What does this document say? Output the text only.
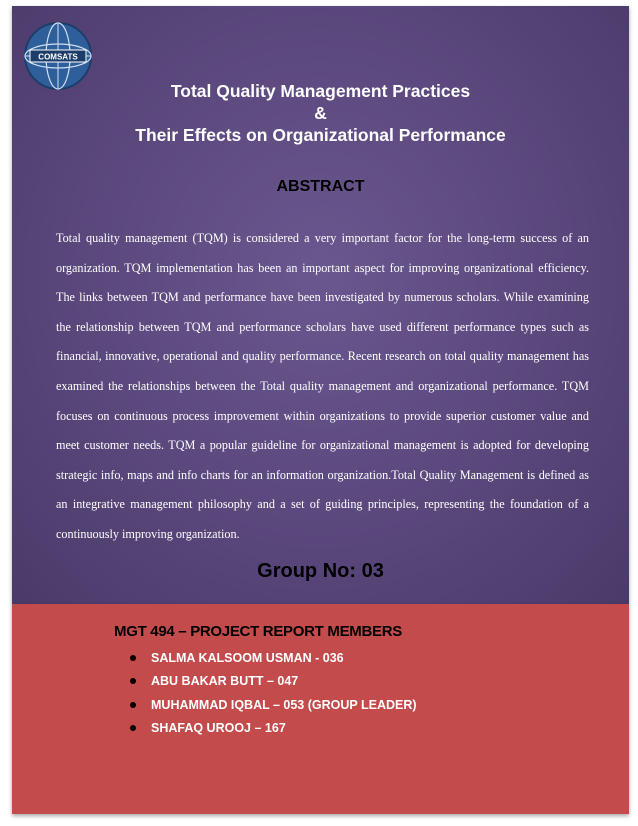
COMSATS
Total Quality Management Practices
&
Their Effects on Organizational Performance
ABSTRACT
Total quality management (TQM) is considered a very important factor for the long-term success of an organization. TQM implementation has been an important aspect for improving organizational efficiency. The links between TQM and performance have been investigated by numerous scholars. While examining the relationship between TQM and performance scholars have used different performance types such as financial, innovative, operational and quality performance. Recent research on total quality management has examined the relationships between the Total quality management and organizational performance. TQM focuses on continuous process improvement within organizations to provide superior customer value and meet customer needs. TQM a popular guideline for organizational management is adopted for developing strategic info, maps and info charts for an information organization.Total Quality Management is defined as an integrative management philosophy and a set of guiding principles, representing the foundation of a continuously improving organization.
Group No: 03
MGT 494 – PROJECT REPORT MEMBERS
SALMA KALSOOM USMAN - 036
ABU BAKAR BUTT – 047
MUHAMMAD IQBAL – 053 (GROUP LEADER)
SHAFAQ UROOJ – 167
